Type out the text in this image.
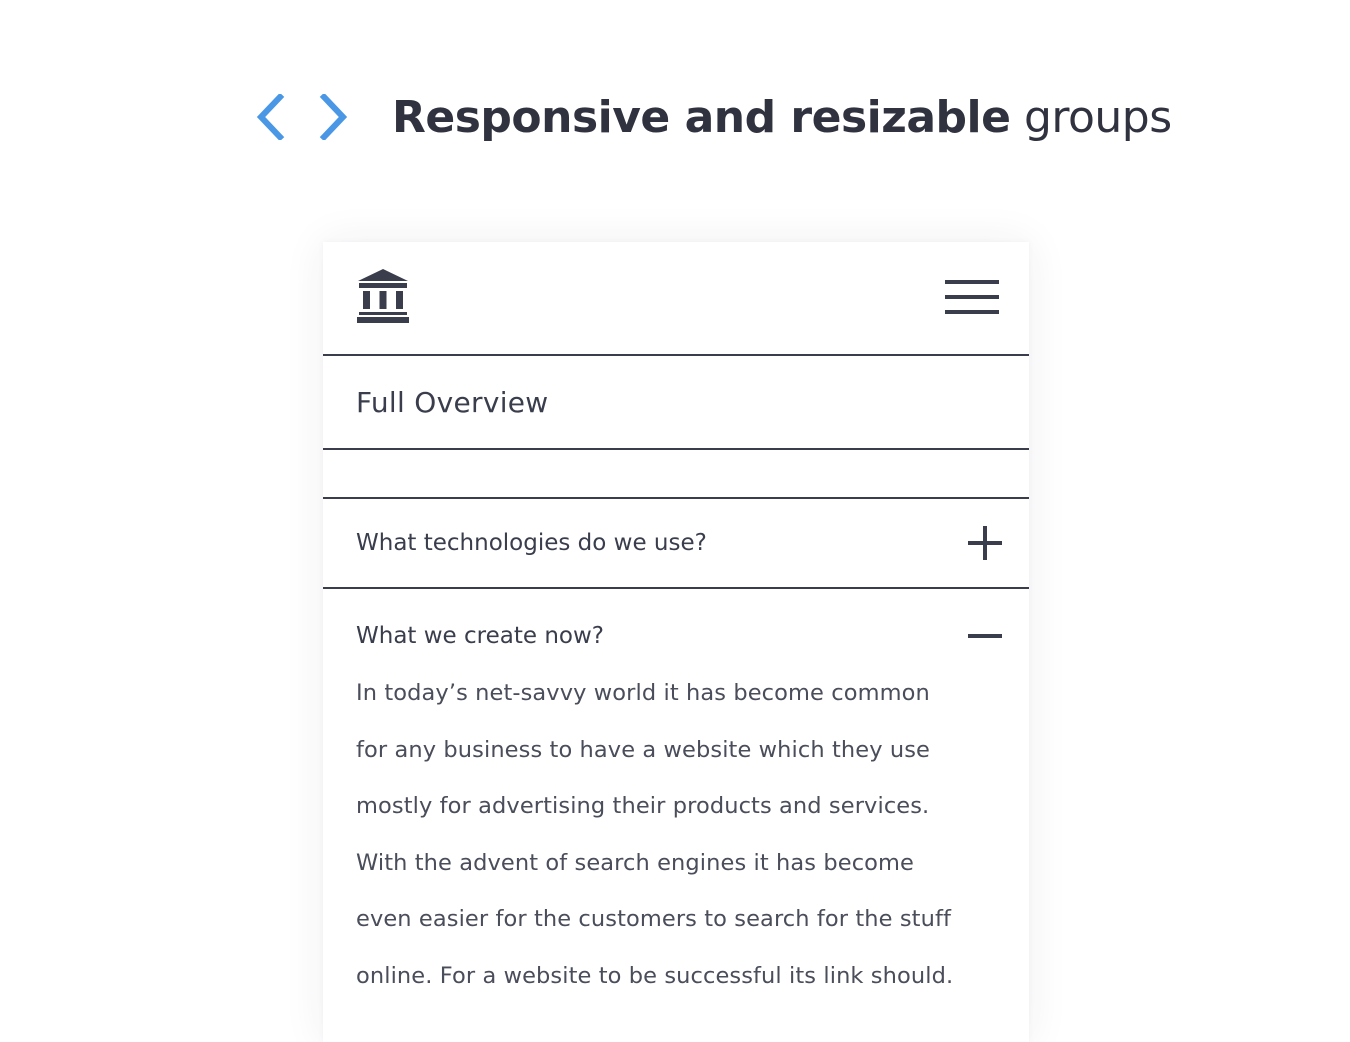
Responsive and resizable groups
Full Overview
What technologies do we use?
What we create now?

In today’s net-savvy world it has become common

for any business to have a website which they use

mostly for advertising their products and services.

With the advent of search engines it has become

even easier for the customers to search for the stuff

online. For a website to be successful its link should.
